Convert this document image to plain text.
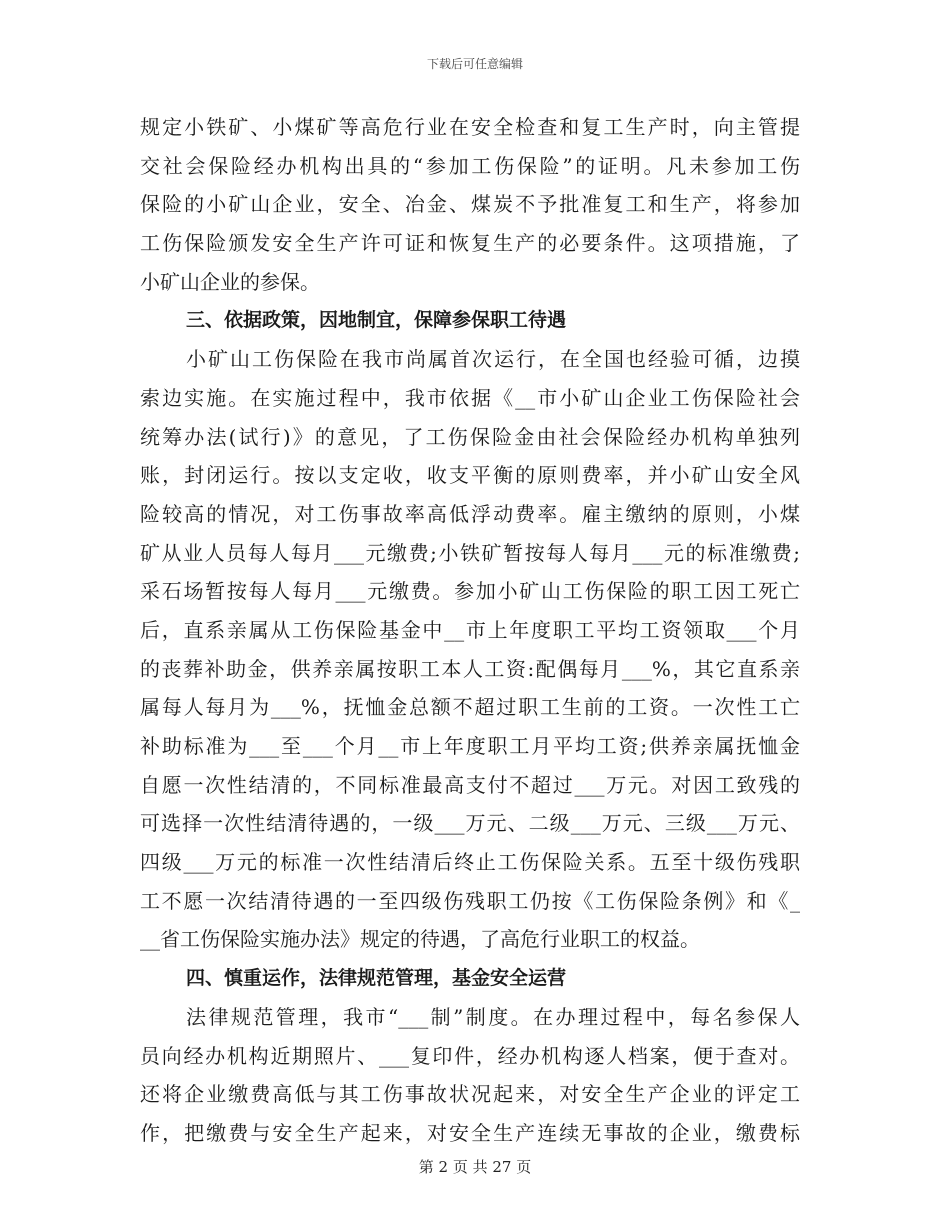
下载后可任意编辑
规定小铁矿、小煤矿等高危行业在安全检查和复工生产时，向主管提
交社会保险经办机构出具的“参加工伤保险”的证明。凡未参加工伤
保险的小矿山企业，安全、冶金、煤炭不予批准复工和生产，将参加
工伤保险颁发安全生产许可证和恢复生产的必要条件。这项措施，了
小矿山企业的参保。
三、依据政策，因地制宜，保障参保职工待遇
小矿山工伤保险在我市尚属首次运行，在全国也经验可循，边摸
索边实施。在实施过程中，我市依据《__市小矿山企业工伤保险社会
统筹办法(试行)》的意见，了工伤保险金由社会保险经办机构单独列
账，封闭运行。按以支定收，收支平衡的原则费率，并小矿山安全风
险较高的情况，对工伤事故率高低浮动费率。雇主缴纳的原则，小煤
矿从业人员每人每月___元缴费;小铁矿暂按每人每月___元的标准缴费;
采石场暂按每人每月___元缴费。参加小矿山工伤保险的职工因工死亡
后，直系亲属从工伤保险基金中__市上年度职工平均工资领取___个月
的丧葬补助金，供养亲属按职工本人工资:配偶每月___%，其它直系亲
属每人每月为___%，抚恤金总额不超过职工生前的工资。一次性工亡
补助标准为___至___个月__市上年度职工月平均工资;供养亲属抚恤金
自愿一次性结清的，不同标准最高支付不超过___万元。对因工致残的
可选择一次性结清待遇的，一级___万元、二级___万元、三级___万元、
四级___万元的标准一次性结清后终止工伤保险关系。五至十级伤残职
工不愿一次结清待遇的一至四级伤残职工仍按《工伤保险条例》和《_
__省工伤保险实施办法》规定的待遇，了高危行业职工的权益。
四、慎重运作，法律规范管理，基金安全运营
法律规范管理，我市“___制”制度。在办理过程中，每名参保人
员向经办机构近期照片、___复印件，经办机构逐人档案，便于查对。
还将企业缴费高低与其工伤事故状况起来，对安全生产企业的评定工
作，把缴费与安全生产起来，对安全生产连续无事故的企业，缴费标
第 2 页 共 27 页
